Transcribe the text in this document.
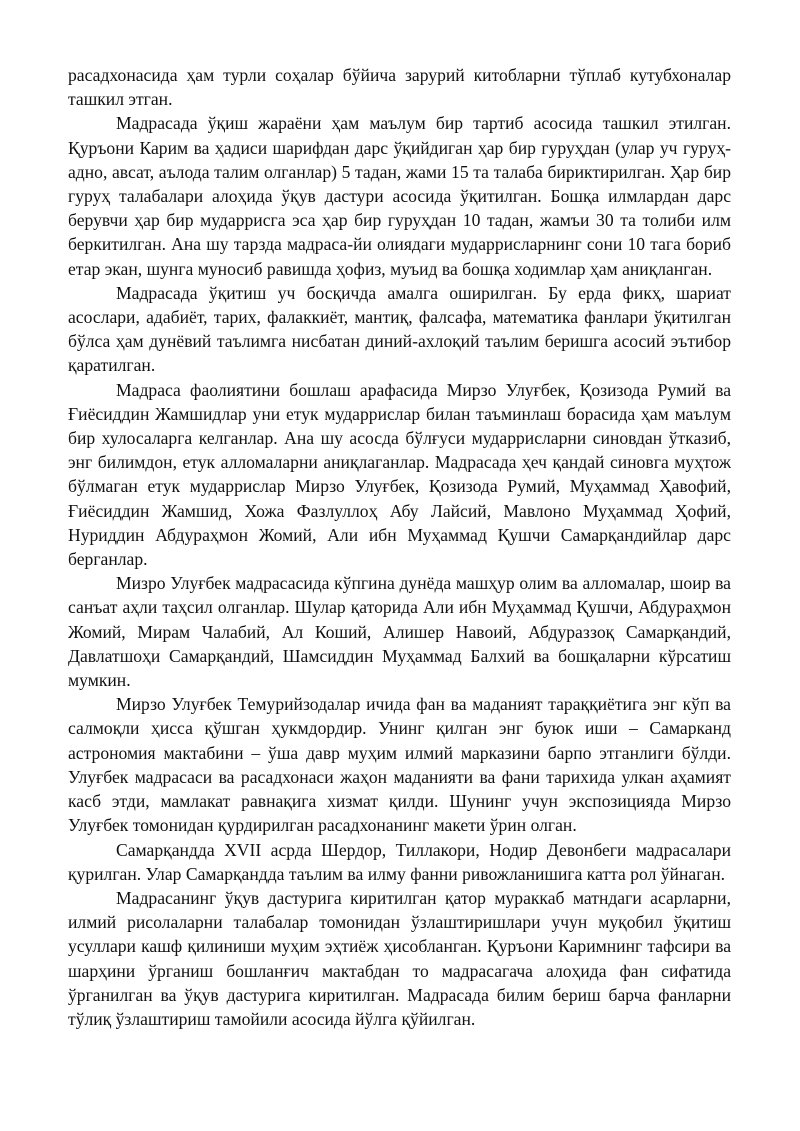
расадхонасида ҳам турли соҳалар бўйича зарурий китобларни тўплаб кутубхоналар ташкил этган.

Мадрасада ўқиш жараёни ҳам маълум бир тартиб асосида ташкил этилган. Қуръони Карим ва ҳадиси шарифдан дарс ўқийдиган ҳар бир гуруҳдан (улар уч гуруҳ-адно, авсат, аълода талим олганлар) 5 тадан, жами 15 та талаба бириктирилган. Ҳар бир гуруҳ талабалари алоҳида ўқув дастури асосида ўқитилган. Бошқа илмлардан дарс берувчи ҳар бир мударрисга эса ҳар бир гуруҳдан 10 тадан, жамъи 30 та толиби илм беркитилган. Ана шу тарзда мадраса-йи олиядаги мударрисларнинг сони 10 тага бориб етар экан, шунга муносиб равишда ҳофиз, муъид ва бошқа ходимлар ҳам аниқланган.

Мадрасада ўқитиш уч босқичда амалга оширилган. Бу ерда фикҳ, шариат асослари, адабиёт, тарих, фалаккиёт, мантиқ, фалсафа, математика фанлари ўқитилган бўлса ҳам дунёвий таълимга нисбатан диний-ахлоқий таълим беришга асосий эътибор қаратилган.

Мадраса фаолиятини бошлаш арафасида Мирзо Улуғбек, Қозизода Румий ва Ғиёсиддин Жамшидлар уни етук мударрислар билан таъминлаш борасида ҳам маълум бир хулосаларга келганлар. Ана шу асосда бўлғуси мударрисларни синовдан ўтказиб, энг билимдон, етук алломаларни аниқлаганлар. Мадрасада ҳеч қандай синовга муҳтож бўлмаган етук мударрислар Мирзо Улуғбек, Қозизода Румий, Муҳаммад Ҳавофий, Ғиёсиддин Жамшид, Хожа Фазлуллоҳ Абу Лайсий, Мавлоно Муҳаммад Ҳофий, Нуриддин Абдураҳмон Жомий, Али ибн Муҳаммад Қушчи Самарқандийлар дарс берганлар.

Мизро Улуғбек мадрасасида кўпгина дунёда машҳур олим ва алломалар, шоир ва санъат аҳли таҳсил олганлар. Шулар қаторида Али ибн Муҳаммад Қушчи, Абдураҳмон Жомий, Мирам Чалабий, Ал Коший, Алишер Навоий, Абдураззоқ Самарқандий, Давлатшоҳи Самарқандий, Шамсиддин Муҳаммад Балхий ва бошқаларни кўрсатиш мумкин.

Мирзо Улуғбек Темурийзодалар ичида фан ва маданият тараққиётига энг кўп ва салмоқли ҳисса қўшган ҳукмдордир. Унинг қилган энг буюк иши – Самарканд астрономия мактабини – ўша давр муҳим илмий марказини барпо этганлиги бўлди. Улуғбек мадрасаси ва расадхонаси жаҳон маданияти ва фани тарихида улкан аҳамият касб этди, мамлакат равнақига хизмат қилди. Шунинг учун экспозицияда Мирзо Улуғбек томонидан қурдирилган расадхонанинг макети ўрин олган.

Самарқандда XVII асрда Шердор, Тиллакори, Нодир Девонбеги мадрасалари қурилган. Улар Самарқандда таълим ва илму фанни ривожланишига катта рол ўйнаган.

Мадрасанинг ўқув дастурига киритилган қатор мураккаб матндаги асарларни, илмий рисолаларни талабалар томонидан ўзлаштиришлари учун муқобил ўқитиш усуллари кашф қилиниши муҳим эҳтиёж ҳисобланган. Қуръони Каримнинг тафсири ва шарҳини ўрганиш бошланғич мактабдан то мадрасагача алоҳида фан сифатида ўрганилган ва ўқув дастурига киритилган. Мадрасада билим бериш барча фанларни тўлиқ ўзлаштириш тамойили асосида йўлга қўйилган.
